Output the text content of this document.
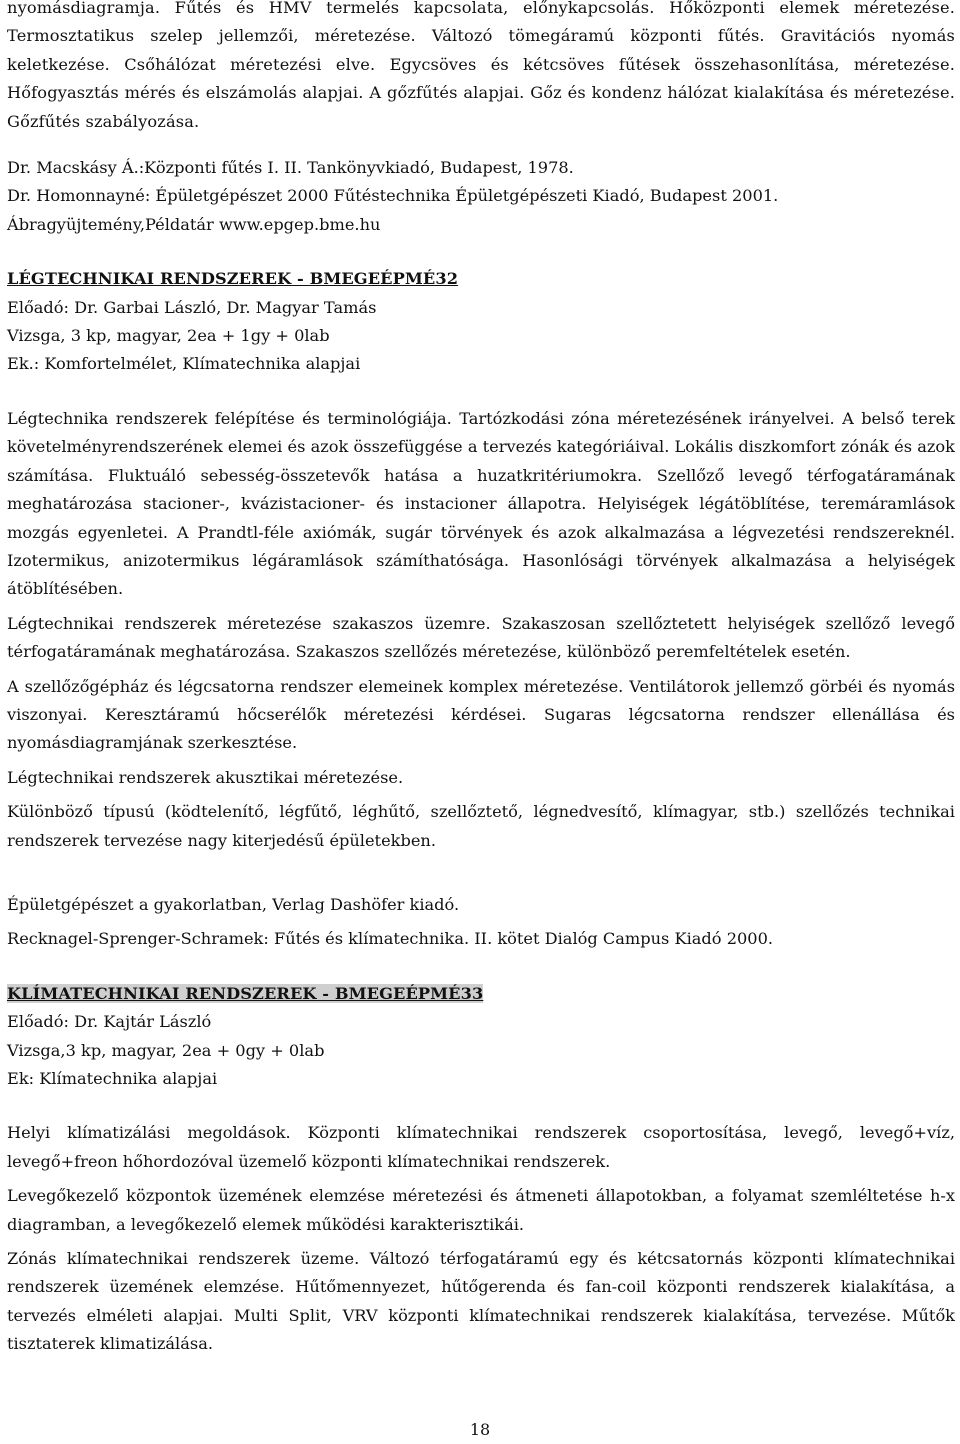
nyomásdiagramja. Fűtés és HMV termelés kapcsolata, előnykapcsolás. Hőközponti elemek méretezése. Termosztatikus szelep jellemzői, méretezése. Változó tömegáramú központi fűtés. Gravitációs nyomás keletkezése. Csőhálózat méretezési elve. Egycsöves és kétcsöves fűtések összehasonlítása, méretezése. Hőfogyasztás mérés és elszámolás alapjai. A gőzfűtés alapjai. Gőz és kondenz hálózat kialakítása és méretezése. Gőzfűtés szabályozása.

Dr. Macskásy Á.:Központi fűtés I. II. Tankönyvkiadó, Budapest, 1978.

Dr. Homonnayné: Épületgépészet 2000 Fűtéstechnika Épületgépészeti Kiadó, Budapest 2001.

Ábragyüjtemény,Példatár www.epgep.bme.hu

LÉGTECHNIKAI RENDSZEREK - BMEGEÉPMÉ32

Előadó: Dr. Garbai László, Dr. Magyar Tamás

Vizsga, 3 kp, magyar, 2ea + 1gy + 0lab

Ek.: Komfortelmélet, Klímatechnika alapjai

Légtechnika rendszerek felépítése és terminológiája. Tartózkodási zóna méretezésének irányelvei. A belső terek követelményrendszerének elemei és azok összefüggése a tervezés kategóriáival. Lokális diszkomfort zónák és azok számítása. Fluktuáló sebesség-összetevők hatása a huzatkritériumokra. Szellőző levegő térfogatáramának meghatározása stacioner-, kvázistacioner- és instacioner állapotra. Helyiségek légátöblítése, teremáramlások mozgás egyenletei. A Prandtl-féle axiómák, sugár törvények és azok alkalmazása a légvezetési rendszereknél. Izotermikus, anizotermikus légáramlások számíthatósága. Hasonlósági törvények alkalmazása a helyiségek átöblítésében.

Légtechnikai rendszerek méretezése szakaszos üzemre. Szakaszosan szellőztetett helyiségek szellőző levegő térfogatáramának meghatározása. Szakaszos szellőzés méretezése, különböző peremfeltételek esetén.

A szellőzőgépház és légcsatorna rendszer elemeinek komplex méretezése. Ventilátorok jellemző görbéi és nyomás viszonyai. Keresztáramú hőcserélők méretezési kérdései. Sugaras légcsatorna rendszer ellenállása és nyomásdiagramjának szerkesztése.

Légtechnikai rendszerek akusztikai méretezése.

Különböző típusú (ködtelenítő, légfűtő, léghűtő, szellőztető, légnedvesítő, klímagyar, stb.) szellőzés technikai rendszerek tervezése nagy kiterjedésű épületekben.

Épületgépészet a gyakorlatban, Verlag Dashöfer kiadó.

Recknagel-Sprenger-Schramek: Fűtés és klímatechnika. II. kötet Dialóg Campus Kiadó 2000.

KLÍMATECHNIKAI RENDSZEREK - BMEGEÉPMÉ33

Előadó: Dr. Kajtár László

Vizsga,3 kp, magyar, 2ea + 0gy + 0lab

Ek: Klímatechnika alapjai

Helyi klímatizálási megoldások. Központi klímatechnikai rendszerek csoportosítása, levegő, levegő+víz, levegő+freon hőhordozóval üzemelő központi klímatechnikai rendszerek.

Levegőkezelő központok üzemének elemzése méretezési és átmeneti állapotokban, a folyamat szemléltetése h-x diagramban, a levegőkezelő elemek működési karakterisztikái.

Zónás klímatechnikai rendszerek üzeme. Változó térfogatáramú egy és kétcsatornás központi klímatechnikai rendszerek üzemének elemzése. Hűtőmennyezet, hűtőgerenda és fan-coil központi rendszerek kialakítása, a tervezés elméleti alapjai. Multi Split, VRV központi klímatechnikai rendszerek kialakítása, tervezése. Műtők tisztaterek klimatizálása.

18
